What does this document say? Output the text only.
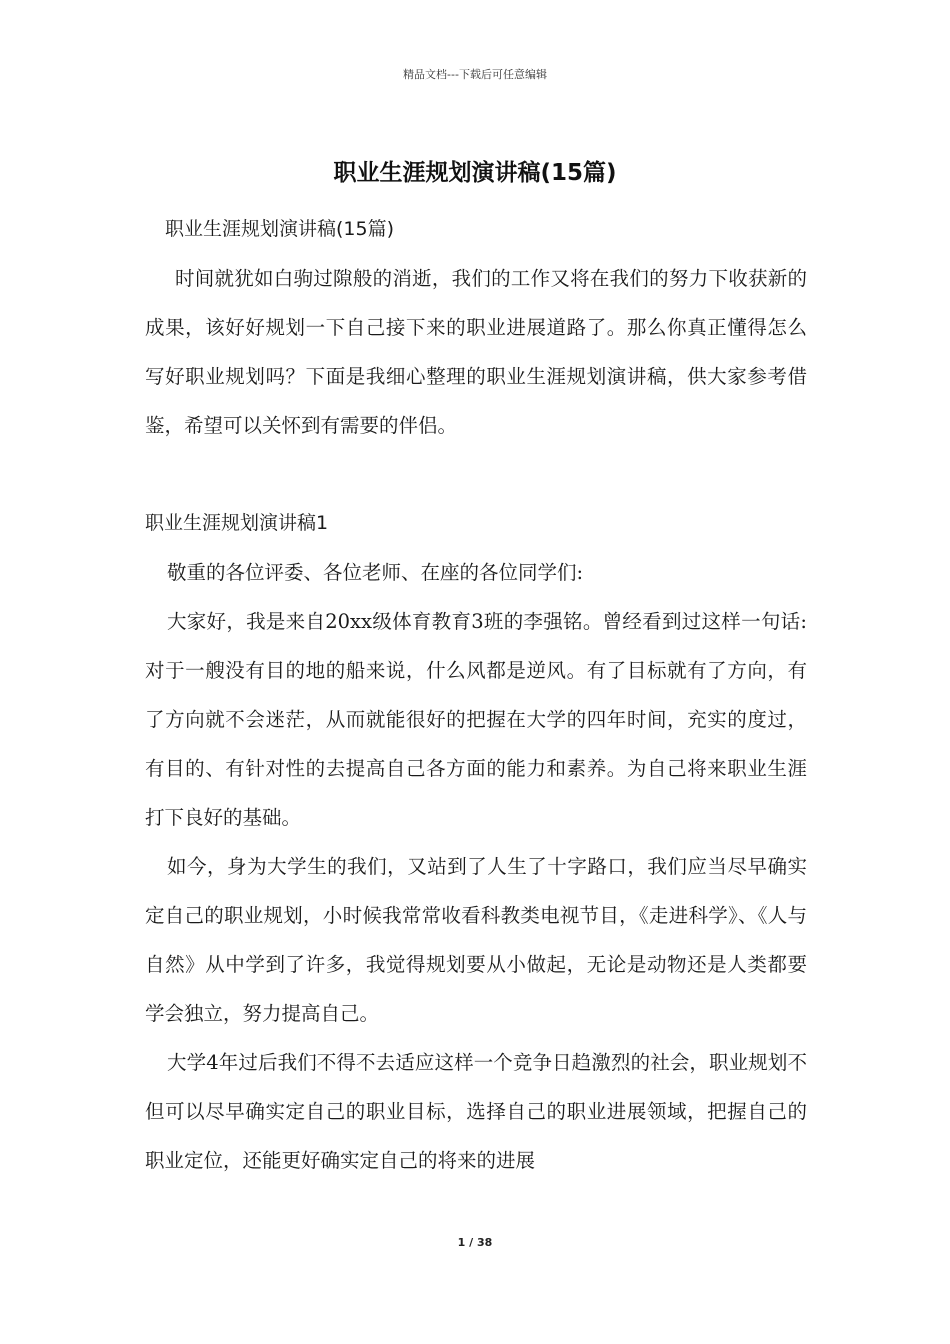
精品文档---下载后可任意编辑
职业生涯规划演讲稿(15篇)

职业生涯规划演讲稿(15篇)

时间就犹如白驹过隙般的消逝，我们的工作又将在我们的努力下收获新的成果，该好好规划一下自己接下来的职业进展道路了。那么你真正懂得怎么写好职业规划吗？下面是我细心整理的职业生涯规划演讲稿，供大家参考借鉴，希望可以关怀到有需要的伴侣。

职业生涯规划演讲稿1

敬重的各位评委、各位老师、在座的各位同学们:

大家好，我是来自20xx级体育教育3班的李强铭。曾经看到过这样一句话:对于一艘没有目的地的船来说，什么风都是逆风。有了目标就有了方向，有了方向就不会迷茫，从而就能很好的把握在大学的四年时间，充实的度过，有目的、有针对性的去提高自己各方面的能力和素养。为自己将来职业生涯打下良好的基础。

如今，身为大学生的我们，又站到了人生了十字路口，我们应当尽早确实定自己的职业规划，小时候我常常收看科教类电视节目，《走进科学》、《人与自然》从中学到了许多，我觉得规划要从小做起，无论是动物还是人类都要学会独立，努力提高自己。

大学4年过后我们不得不去适应这样一个竞争日趋激烈的社会，职业规划不但可以尽早确实定自己的职业目标，选择自己的职业进展领域，把握自己的职业定位，还能更好确实定自己的将来的进展

1 / 38
